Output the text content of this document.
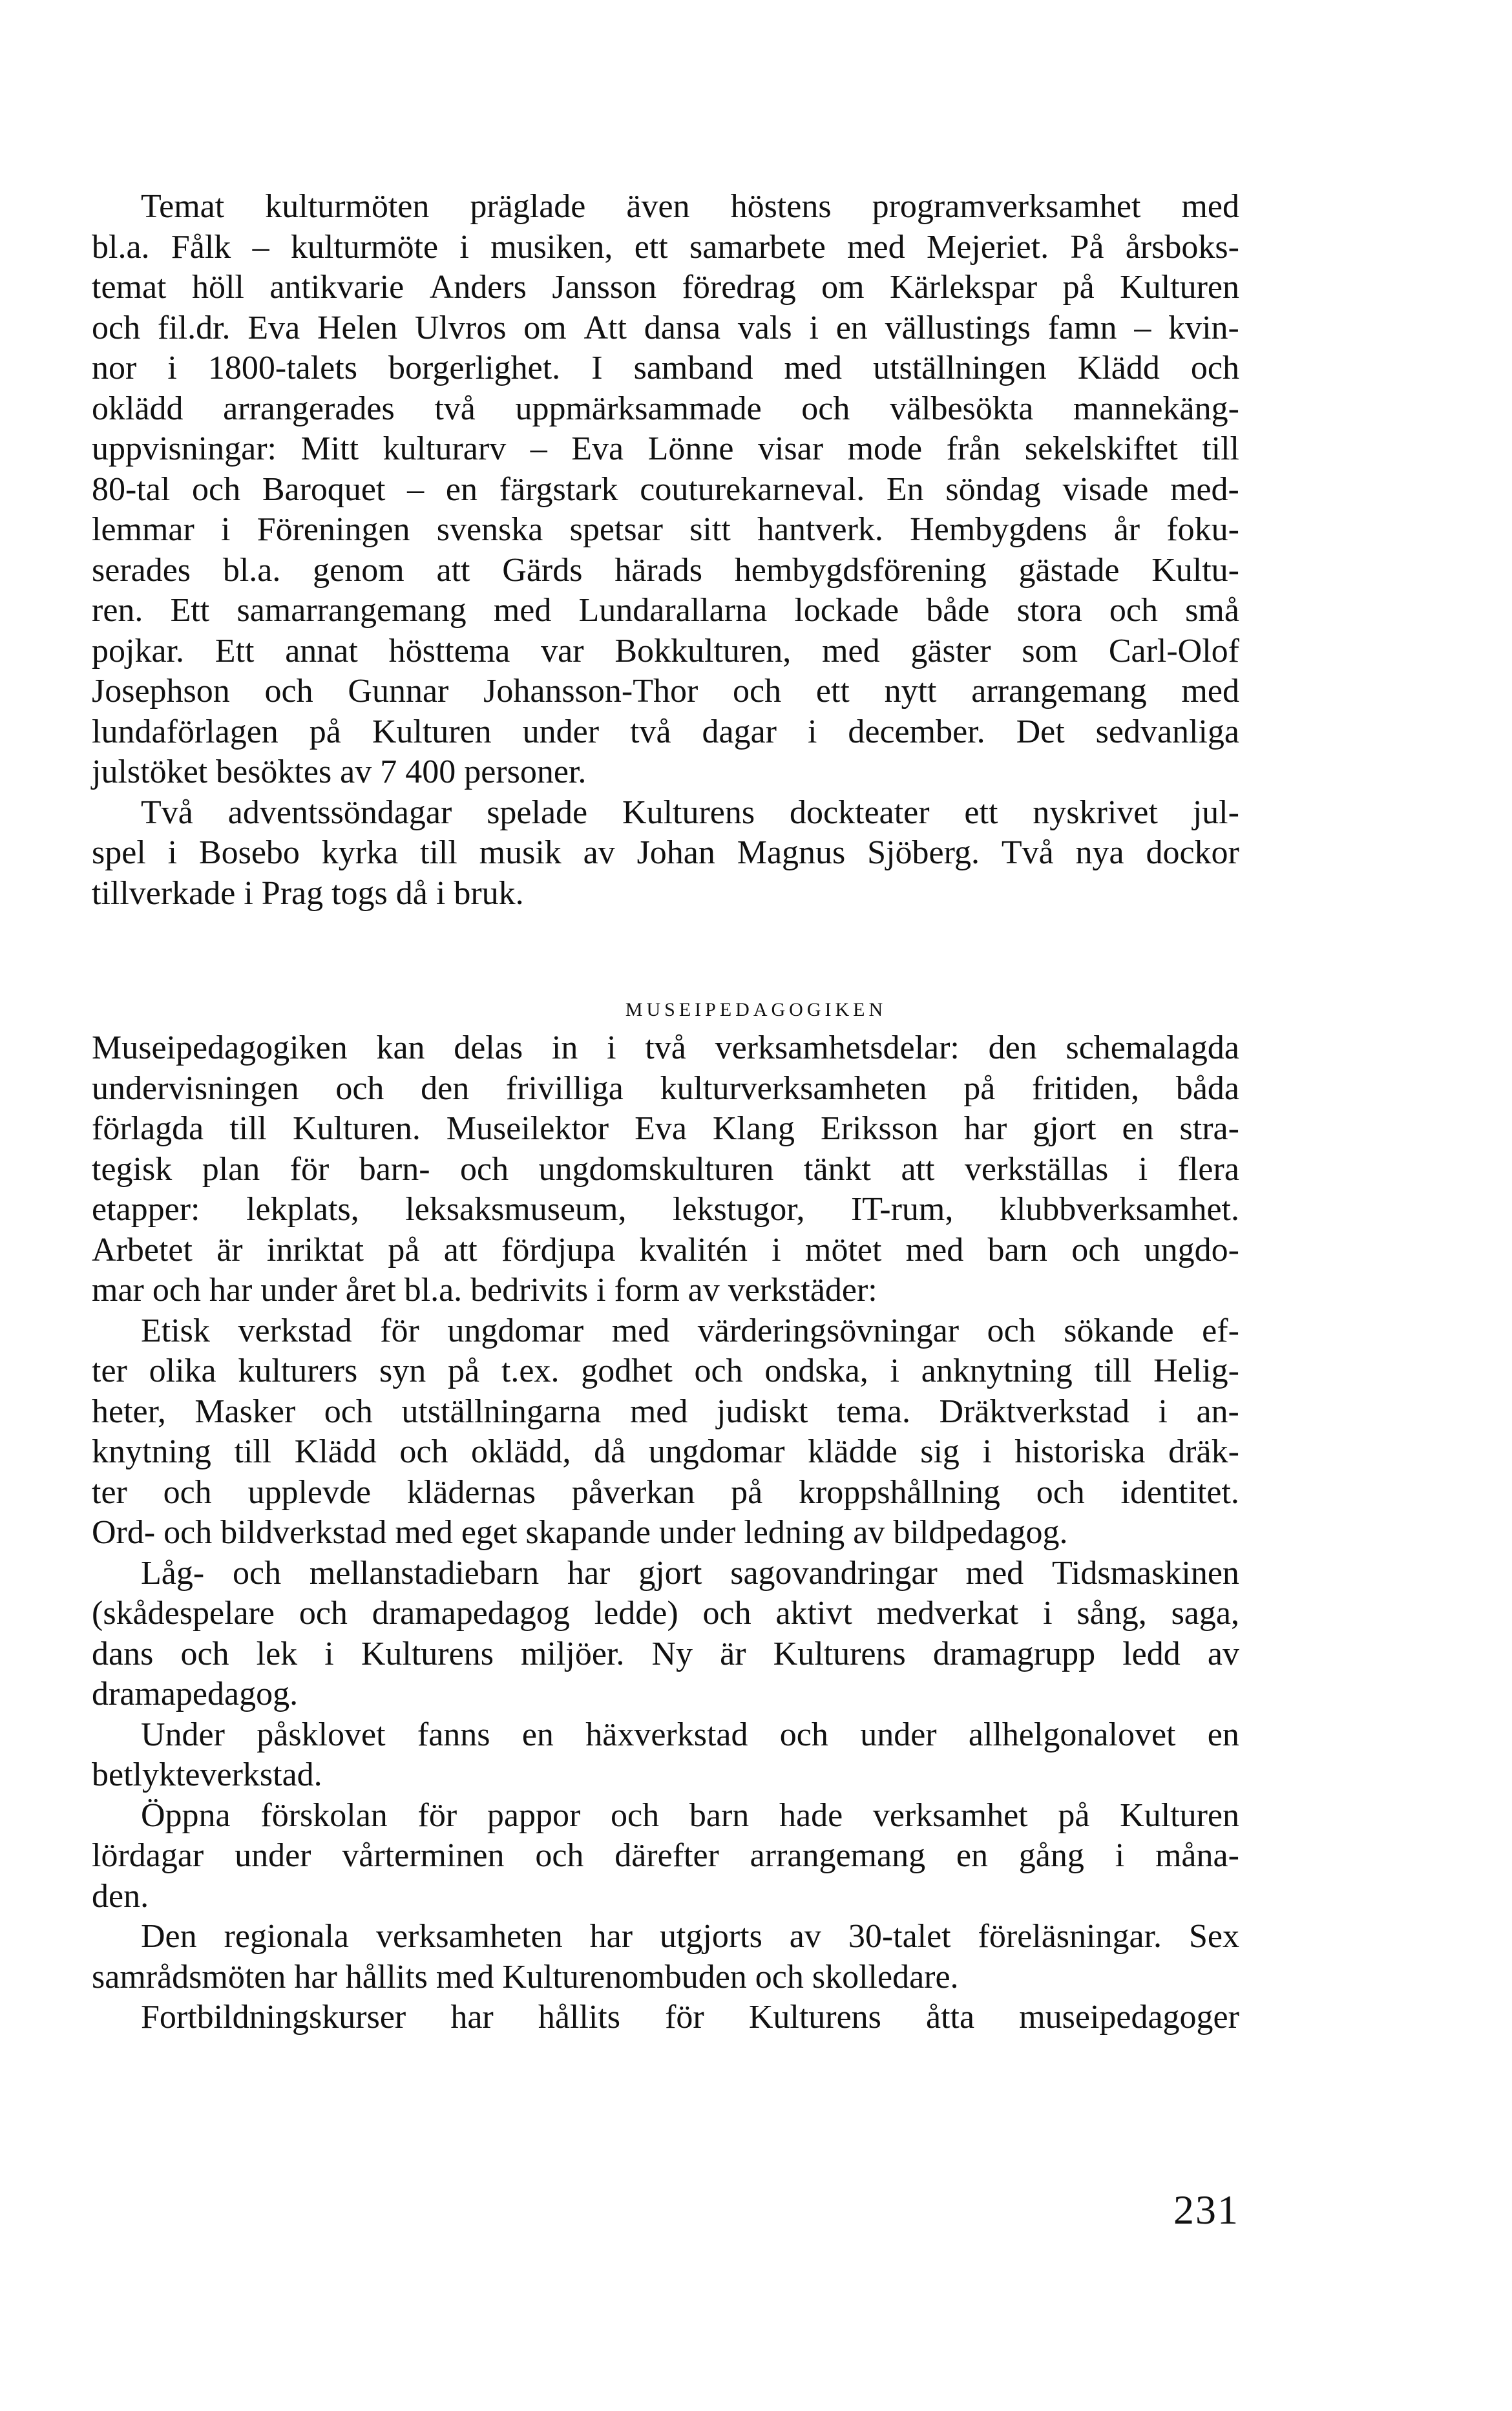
Temat kulturmöten präglade även höstens programverksamhet med
bl.a. Fålk – kulturmöte i musiken, ett samarbete med Mejeriet. På årsboks-
temat höll antikvarie Anders Jansson föredrag om Kärlekspar på Kulturen
och fil.dr. Eva Helen Ulvros om Att dansa vals i en vällustings famn – kvin-
nor i 1800-talets borgerlighet. I samband med utställningen Klädd och
oklädd arrangerades två uppmärksammade och välbesökta mannekäng-
uppvisningar: Mitt kulturarv – Eva Lönne visar mode från sekelskiftet till
80-tal och Baroquet – en färgstark couturekarneval. En söndag visade med-
lemmar i Föreningen svenska spetsar sitt hantverk. Hembygdens år foku-
serades bl.a. genom att Gärds härads hembygdsförening gästade Kultu-
ren. Ett samarrangemang med Lundarallarna lockade både stora och små
pojkar. Ett annat hösttema var Bokkulturen, med gäster som Carl-Olof
Josephson och Gunnar Johansson-Thor och ett nytt arrangemang med
lundaförlagen på Kulturen under två dagar i december. Det sedvanliga
julstöket besöktes av 7 400 personer.
Två adventssöndagar spelade Kulturens dockteater ett nyskrivet jul-
spel i Bosebo kyrka till musik av Johan Magnus Sjöberg. Två nya dockor
tillverkade i Prag togs då i bruk.
MUSEIPEDAGOGIKEN
Museipedagogiken kan delas in i två verksamhetsdelar: den schemalagda
undervisningen och den frivilliga kulturverksamheten på fritiden, båda
förlagda till Kulturen. Museilektor Eva Klang Eriksson har gjort en stra-
tegisk plan för barn- och ungdomskulturen tänkt att verkställas i flera
etapper: lekplats, leksaksmuseum, lekstugor, IT-rum, klubbverksamhet.
Arbetet är inriktat på att fördjupa kvalitén i mötet med barn och ungdo-
mar och har under året bl.a. bedrivits i form av verkstäder:
Etisk verkstad för ungdomar med värderingsövningar och sökande ef-
ter olika kulturers syn på t.ex. godhet och ondska, i anknytning till Helig-
heter, Masker och utställningarna med judiskt tema. Dräktverkstad i an-
knytning till Klädd och oklädd, då ungdomar klädde sig i historiska dräk-
ter och upplevde klädernas påverkan på kroppshållning och identitet.
Ord- och bildverkstad med eget skapande under ledning av bildpedagog.
Låg- och mellanstadiebarn har gjort sagovandringar med Tidsmaskinen
(skådespelare och dramapedagog ledde) och aktivt medverkat i sång, saga,
dans och lek i Kulturens miljöer. Ny är Kulturens dramagrupp ledd av
dramapedagog.
Under påsklovet fanns en häxverkstad och under allhelgonalovet en
betlykteverkstad.
Öppna förskolan för pappor och barn hade verksamhet på Kulturen
lördagar under vårterminen och därefter arrangemang en gång i måna-
den.
Den regionala verksamheten har utgjorts av 30-talet föreläsningar. Sex
samrådsmöten har hållits med Kulturenombuden och skolledare.
Fortbildningskurser har hållits för Kulturens åtta museipedagoger
231
